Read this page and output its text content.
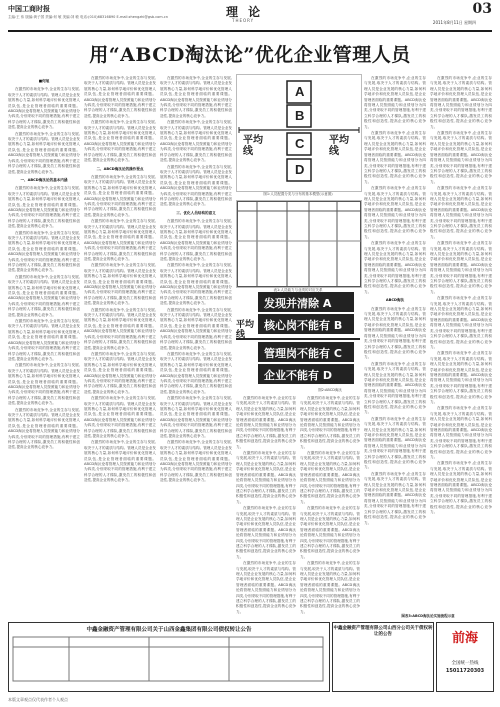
中国工商时报
主编:王 伟 版编:黄子国 责编:何 敏 美编:刘 敏 电话:(010)68316890 E-mail:zhengzhi@gsb.com.cn	理 论
THEORY
03
2011年8月11日 星期四
用“ABCD淘汰论”优化企业管理人员

■何旭

在激烈的市场竞争中,企业的生存与发展,取决于人才的素质与结构。管理人员是企业发展的核心力量,如何科学地评价和优化管理人员队伍,是企业管理者面临的重要课题。ABCD淘汰论将管理人员按照能力和业绩划分为四类,分别采取不同的管理措施,有利于建立科学合理的人才梯队,激发员工的积极性和创造性,提高企业的核心竞争力。

在激烈的市场竞争中,企业的生存与发展,取决于人才的素质与结构。管理人员是企业发展的核心力量,如何科学地评价和优化管理人员队伍,是企业管理者面临的重要课题。ABCD淘汰论将管理人员按照能力和业绩划分为四类,分别采取不同的管理措施,有利于建立科学合理的人才梯队,激发员工的积极性和创造性,提高企业的核心竞争力。

一、ABCD淘汰论的基本内涵

在激烈的市场竞争中,企业的生存与发展,取决于人才的素质与结构。管理人员是企业发展的核心力量,如何科学地评价和优化管理人员队伍,是企业管理者面临的重要课题。ABCD淘汰论将管理人员按照能力和业绩划分为四类,分别采取不同的管理措施,有利于建立科学合理的人才梯队,激发员工的积极性和创造性,提高企业的核心竞争力。

在激烈的市场竞争中,企业的生存与发展,取决于人才的素质与结构。管理人员是企业发展的核心力量,如何科学地评价和优化管理人员队伍,是企业管理者面临的重要课题。ABCD淘汰论将管理人员按照能力和业绩划分为四类,分别采取不同的管理措施,有利于建立科学合理的人才梯队,激发员工的积极性和创造性,提高企业的核心竞争力。

在激烈的市场竞争中,企业的生存与发展,取决于人才的素质与结构。管理人员是企业发展的核心力量,如何科学地评价和优化管理人员队伍,是企业管理者面临的重要课题。ABCD淘汰论将管理人员按照能力和业绩划分为四类,分别采取不同的管理措施,有利于建立科学合理的人才梯队,激发员工的积极性和创造性,提高企业的核心竞争力。

在激烈的市场竞争中,企业的生存与发展,取决于人才的素质与结构。管理人员是企业发展的核心力量,如何科学地评价和优化管理人员队伍,是企业管理者面临的重要课题。ABCD淘汰论将管理人员按照能力和业绩划分为四类,分别采取不同的管理措施,有利于建立科学合理的人才梯队,激发员工的积极性和创造性,提高企业的核心竞争力。

在激烈的市场竞争中,企业的生存与发展,取决于人才的素质与结构。管理人员是企业发展的核心力量,如何科学地评价和优化管理人员队伍,是企业管理者面临的重要课题。ABCD淘汰论将管理人员按照能力和业绩划分为四类,分别采取不同的管理措施,有利于建立科学合理的人才梯队,激发员工的积极性和创造性,提高企业的核心竞争力。

在激烈的市场竞争中,企业的生存与发展,取决于人才的素质与结构。管理人员是企业发展的核心力量,如何科学地评价和优化管理人员队伍,是企业管理者面临的重要课题。ABCD淘汰论将管理人员按照能力和业绩划分为四类,分别采取不同的管理措施,有利于建立科学合理的人才梯队,激发员工的积极性和创造性,提高企业的核心竞争力。

在激烈的市场竞争中,企业的生存与发展,取决于人才的素质与结构。管理人员是企业发展的核心力量,如何科学地评价和优化管理人员队伍,是企业管理者面临的重要课题。ABCD淘汰论将管理人员按照能力和业绩划分为四类,分别采取不同的管理措施,有利于建立科学合理的人才梯队,激发员工的积极性和创造性,提高企业的核心竞争力。

在激烈的市场竞争中,企业的生存与发展,取决于人才的素质与结构。管理人员是企业发展的核心力量,如何科学地评价和优化管理人员队伍,是企业管理者面临的重要课题。ABCD淘汰论将管理人员按照能力和业绩划分为四类,分别采取不同的管理措施,有利于建立科学合理的人才梯队,激发员工的积极性和创造性,提高企业的核心竞争力。

二、ABCD淘汰论的操作要点

在激烈的市场竞争中,企业的生存与发展,取决于人才的素质与结构。管理人员是企业发展的核心力量,如何科学地评价和优化管理人员队伍,是企业管理者面临的重要课题。ABCD淘汰论将管理人员按照能力和业绩划分为四类,分别采取不同的管理措施,有利于建立科学合理的人才梯队,激发员工的积极性和创造性,提高企业的核心竞争力。

在激烈的市场竞争中,企业的生存与发展,取决于人才的素质与结构。管理人员是企业发展的核心力量,如何科学地评价和优化管理人员队伍,是企业管理者面临的重要课题。ABCD淘汰论将管理人员按照能力和业绩划分为四类,分别采取不同的管理措施,有利于建立科学合理的人才梯队,激发员工的积极性和创造性,提高企业的核心竞争力。

在激烈的市场竞争中,企业的生存与发展,取决于人才的素质与结构。管理人员是企业发展的核心力量,如何科学地评价和优化管理人员队伍,是企业管理者面临的重要课题。ABCD淘汰论将管理人员按照能力和业绩划分为四类,分别采取不同的管理措施,有利于建立科学合理的人才梯队,激发员工的积极性和创造性,提高企业的核心竞争力。

在激烈的市场竞争中,企业的生存与发展,取决于人才的素质与结构。管理人员是企业发展的核心力量,如何科学地评价和优化管理人员队伍,是企业管理者面临的重要课题。ABCD淘汰论将管理人员按照能力和业绩划分为四类,分别采取不同的管理措施,有利于建立科学合理的人才梯队,激发员工的积极性和创造性,提高企业的核心竞争力。

在激烈的市场竞争中,企业的生存与发展,取决于人才的素质与结构。管理人员是企业发展的核心力量,如何科学地评价和优化管理人员队伍,是企业管理者面临的重要课题。ABCD淘汰论将管理人员按照能力和业绩划分为四类,分别采取不同的管理措施,有利于建立科学合理的人才梯队,激发员工的积极性和创造性,提高企业的核心竞争力。

在激烈的市场竞争中,企业的生存与发展,取决于人才的素质与结构。管理人员是企业发展的核心力量,如何科学地评价和优化管理人员队伍,是企业管理者面临的重要课题。ABCD淘汰论将管理人员按照能力和业绩划分为四类,分别采取不同的管理措施,有利于建立科学合理的人才梯队,激发员工的积极性和创造性,提高企业的核心竞争力。

在激烈的市场竞争中,企业的生存与发展,取决于人才的素质与结构。管理人员是企业发展的核心力量,如何科学地评价和优化管理人员队伍,是企业管理者面临的重要课题。ABCD淘汰论将管理人员按照能力和业绩划分为四类,分别采取不同的管理措施,有利于建立科学合理的人才梯队,激发员工的积极性和创造性,提高企业的核心竞争力。

在激烈的市场竞争中,企业的生存与发展,取决于人才的素质与结构。管理人员是企业发展的核心力量,如何科学地评价和优化管理人员队伍,是企业管理者面临的重要课题。ABCD淘汰论将管理人员按照能力和业绩划分为四类,分别采取不同的管理措施,有利于建立科学合理的人才梯队,激发员工的积极性和创造性,提高企业的核心竞争力。

在激烈的市场竞争中,企业的生存与发展,取决于人才的素质与结构。管理人员是企业发展的核心力量,如何科学地评价和优化管理人员队伍,是企业管理者面临的重要课题。ABCD淘汰论将管理人员按照能力和业绩划分为四类,分别采取不同的管理措施,有利于建立科学合理的人才梯队,激发员工的积极性和创造性,提高企业的核心竞争力。

在激烈的市场竞争中,企业的生存与发展,取决于人才的素质与结构。管理人员是企业发展的核心力量,如何科学地评价和优化管理人员队伍,是企业管理者面临的重要课题。ABCD淘汰论将管理人员按照能力和业绩划分为四类,分别采取不同的管理措施,有利于建立科学合理的人才梯队,激发员工的积极性和创造性,提高企业的核心竞争力。

三、优化人员结构的意义

在激烈的市场竞争中,企业的生存与发展,取决于人才的素质与结构。管理人员是企业发展的核心力量,如何科学地评价和优化管理人员队伍,是企业管理者面临的重要课题。ABCD淘汰论将管理人员按照能力和业绩划分为四类,分别采取不同的管理措施,有利于建立科学合理的人才梯队,激发员工的积极性和创造性,提高企业的核心竞争力。

在激烈的市场竞争中,企业的生存与发展,取决于人才的素质与结构。管理人员是企业发展的核心力量,如何科学地评价和优化管理人员队伍,是企业管理者面临的重要课题。ABCD淘汰论将管理人员按照能力和业绩划分为四类,分别采取不同的管理措施,有利于建立科学合理的人才梯队,激发员工的积极性和创造性,提高企业的核心竞争力。

在激烈的市场竞争中,企业的生存与发展,取决于人才的素质与结构。管理人员是企业发展的核心力量,如何科学地评价和优化管理人员队伍,是企业管理者面临的重要课题。ABCD淘汰论将管理人员按照能力和业绩划分为四类,分别采取不同的管理措施,有利于建立科学合理的人才梯队,激发员工的积极性和创造性,提高企业的核心竞争力。

在激烈的市场竞争中,企业的生存与发展,取决于人才的素质与结构。管理人员是企业发展的核心力量,如何科学地评价和优化管理人员队伍,是企业管理者面临的重要课题。ABCD淘汰论将管理人员按照能力和业绩划分为四类,分别采取不同的管理措施,有利于建立科学合理的人才梯队,激发员工的积极性和创造性,提高企业的核心竞争力。

在激烈的市场竞争中,企业的生存与发展,取决于人才的素质与结构。管理人员是企业发展的核心力量,如何科学地评价和优化管理人员队伍,是企业管理者面临的重要课题。ABCD淘汰论将管理人员按照能力和业绩划分为四类,分别采取不同的管理措施,有利于建立科学合理的人才梯队,激发员工的积极性和创造性,提高企业的核心竞争力。

在激烈的市场竞争中,企业的生存与发展,取决于人才的素质与结构。管理人员是企业发展的核心力量,如何科学地评价和优化管理人员队伍,是企业管理者面临的重要课题。ABCD淘汰论将管理人员按照能力和业绩划分为四类,分别采取不同的管理措施,有利于建立科学合理的人才梯队,激发员工的积极性和创造性,提高企业的核心竞争力。

A
B
C
D
平均线
平均线
图1:人员配置分类与分布的基本模型(示意图)
表1:人员能力与业绩的对应关系
发现并清除 A
核心岗不能有 B
管理岗不能有 C
企业不能有 D
平均线
图2:ABCD淘汰

在激烈的市场竞争中,企业的生存与发展,取决于人才的素质与结构。管理人员是企业发展的核心力量,如何科学地评价和优化管理人员队伍,是企业管理者面临的重要课题。ABCD淘汰论将管理人员按照能力和业绩划分为四类,分别采取不同的管理措施,有利于建立科学合理的人才梯队,激发员工的积极性和创造性,提高企业的核心竞争力。

在激烈的市场竞争中,企业的生存与发展,取决于人才的素质与结构。管理人员是企业发展的核心力量,如何科学地评价和优化管理人员队伍,是企业管理者面临的重要课题。ABCD淘汰论将管理人员按照能力和业绩划分为四类,分别采取不同的管理措施,有利于建立科学合理的人才梯队,激发员工的积极性和创造性,提高企业的核心竞争力。

在激烈的市场竞争中,企业的生存与发展,取决于人才的素质与结构。管理人员是企业发展的核心力量,如何科学地评价和优化管理人员队伍,是企业管理者面临的重要课题。ABCD淘汰论将管理人员按照能力和业绩划分为四类,分别采取不同的管理措施,有利于建立科学合理的人才梯队,激发员工的积极性和创造性,提高企业的核心竞争力。

在激烈的市场竞争中,企业的生存与发展,取决于人才的素质与结构。管理人员是企业发展的核心力量,如何科学地评价和优化管理人员队伍,是企业管理者面临的重要课题。ABCD淘汰论将管理人员按照能力和业绩划分为四类,分别采取不同的管理措施,有利于建立科学合理的人才梯队,激发员工的积极性和创造性,提高企业的核心竞争力。

在激烈的市场竞争中,企业的生存与发展,取决于人才的素质与结构。管理人员是企业发展的核心力量,如何科学地评价和优化管理人员队伍,是企业管理者面临的重要课题。ABCD淘汰论将管理人员按照能力和业绩划分为四类,分别采取不同的管理措施,有利于建立科学合理的人才梯队,激发员工的积极性和创造性,提高企业的核心竞争力。

在激烈的市场竞争中,企业的生存与发展,取决于人才的素质与结构。管理人员是企业发展的核心力量,如何科学地评价和优化管理人员队伍,是企业管理者面临的重要课题。ABCD淘汰论将管理人员按照能力和业绩划分为四类,分别采取不同的管理措施,有利于建立科学合理的人才梯队,激发员工的积极性和创造性,提高企业的核心竞争力。

在激烈的市场竞争中,企业的生存与发展,取决于人才的素质与结构。管理人员是企业发展的核心力量,如何科学地评价和优化管理人员队伍,是企业管理者面临的重要课题。ABCD淘汰论将管理人员按照能力和业绩划分为四类,分别采取不同的管理措施,有利于建立科学合理的人才梯队,激发员工的积极性和创造性,提高企业的核心竞争力。

在激烈的市场竞争中,企业的生存与发展,取决于人才的素质与结构。管理人员是企业发展的核心力量,如何科学地评价和优化管理人员队伍,是企业管理者面临的重要课题。ABCD淘汰论将管理人员按照能力和业绩划分为四类,分别采取不同的管理措施,有利于建立科学合理的人才梯队,激发员工的积极性和创造性,提高企业的核心竞争力。

在激烈的市场竞争中,企业的生存与发展,取决于人才的素质与结构。管理人员是企业发展的核心力量,如何科学地评价和优化管理人员队伍,是企业管理者面临的重要课题。ABCD淘汰论将管理人员按照能力和业绩划分为四类,分别采取不同的管理措施,有利于建立科学合理的人才梯队,激发员工的积极性和创造性,提高企业的核心竞争力。

在激烈的市场竞争中,企业的生存与发展,取决于人才的素质与结构。管理人员是企业发展的核心力量,如何科学地评价和优化管理人员队伍,是企业管理者面临的重要课题。ABCD淘汰论将管理人员按照能力和业绩划分为四类,分别采取不同的管理措施,有利于建立科学合理的人才梯队,激发员工的积极性和创造性,提高企业的核心竞争力。

在激烈的市场竞争中,企业的生存与发展,取决于人才的素质与结构。管理人员是企业发展的核心力量,如何科学地评价和优化管理人员队伍,是企业管理者面临的重要课题。ABCD淘汰论将管理人员按照能力和业绩划分为四类,分别采取不同的管理措施,有利于建立科学合理的人才梯队,激发员工的积极性和创造性,提高企业的核心竞争力。

在激烈的市场竞争中,企业的生存与发展,取决于人才的素质与结构。管理人员是企业发展的核心力量,如何科学地评价和优化管理人员队伍,是企业管理者面临的重要课题。ABCD淘汰论将管理人员按照能力和业绩划分为四类,分别采取不同的管理措施,有利于建立科学合理的人才梯队,激发员工的积极性和创造性,提高企业的核心竞争力。

ABCD淘汰

在激烈的市场竞争中,企业的生存与发展,取决于人才的素质与结构。管理人员是企业发展的核心力量,如何科学地评价和优化管理人员队伍,是企业管理者面临的重要课题。ABCD淘汰论将管理人员按照能力和业绩划分为四类,分别采取不同的管理措施,有利于建立科学合理的人才梯队,激发员工的积极性和创造性,提高企业的核心竞争力。

在激烈的市场竞争中,企业的生存与发展,取决于人才的素质与结构。管理人员是企业发展的核心力量,如何科学地评价和优化管理人员队伍,是企业管理者面临的重要课题。ABCD淘汰论将管理人员按照能力和业绩划分为四类,分别采取不同的管理措施,有利于建立科学合理的人才梯队,激发员工的积极性和创造性,提高企业的核心竞争力。

在激烈的市场竞争中,企业的生存与发展,取决于人才的素质与结构。管理人员是企业发展的核心力量,如何科学地评价和优化管理人员队伍,是企业管理者面临的重要课题。ABCD淘汰论将管理人员按照能力和业绩划分为四类,分别采取不同的管理措施,有利于建立科学合理的人才梯队,激发员工的积极性和创造性,提高企业的核心竞争力。

在激烈的市场竞争中,企业的生存与发展,取决于人才的素质与结构。管理人员是企业发展的核心力量,如何科学地评价和优化管理人员队伍,是企业管理者面临的重要课题。ABCD淘汰论将管理人员按照能力和业绩划分为四类,分别采取不同的管理措施,有利于建立科学合理的人才梯队,激发员工的积极性和创造性,提高企业的核心竞争力。

在激烈的市场竞争中,企业的生存与发展,取决于人才的素质与结构。管理人员是企业发展的核心力量,如何科学地评价和优化管理人员队伍,是企业管理者面临的重要课题。ABCD淘汰论将管理人员按照能力和业绩划分为四类,分别采取不同的管理措施,有利于建立科学合理的人才梯队,激发员工的积极性和创造性,提高企业的核心竞争力。

在激烈的市场竞争中,企业的生存与发展,取决于人才的素质与结构。管理人员是企业发展的核心力量,如何科学地评价和优化管理人员队伍,是企业管理者面临的重要课题。ABCD淘汰论将管理人员按照能力和业绩划分为四类,分别采取不同的管理措施,有利于建立科学合理的人才梯队,激发员工的积极性和创造性,提高企业的核心竞争力。

在激烈的市场竞争中,企业的生存与发展,取决于人才的素质与结构。管理人员是企业发展的核心力量,如何科学地评价和优化管理人员队伍,是企业管理者面临的重要课题。ABCD淘汰论将管理人员按照能力和业绩划分为四类,分别采取不同的管理措施,有利于建立科学合理的人才梯队,激发员工的积极性和创造性,提高企业的核心竞争力。

在激烈的市场竞争中,企业的生存与发展,取决于人才的素质与结构。管理人员是企业发展的核心力量,如何科学地评价和优化管理人员队伍,是企业管理者面临的重要课题。ABCD淘汰论将管理人员按照能力和业绩划分为四类,分别采取不同的管理措施,有利于建立科学合理的人才梯队,激发员工的积极性和创造性,提高企业的核心竞争力。

在激烈的市场竞争中,企业的生存与发展,取决于人才的素质与结构。管理人员是企业发展的核心力量,如何科学地评价和优化管理人员队伍,是企业管理者面临的重要课题。ABCD淘汰论将管理人员按照能力和业绩划分为四类,分别采取不同的管理措施,有利于建立科学合理的人才梯队,激发员工的积极性和创造性,提高企业的核心竞争力。

在激烈的市场竞争中,企业的生存与发展,取决于人才的素质与结构。管理人员是企业发展的核心力量,如何科学地评价和优化管理人员队伍,是企业管理者面临的重要课题。ABCD淘汰论将管理人员按照能力和业绩划分为四类,分别采取不同的管理措施,有利于建立科学合理的人才梯队,激发员工的积极性和创造性,提高企业的核心竞争力。

在激烈的市场竞争中,企业的生存与发展,取决于人才的素质与结构。管理人员是企业发展的核心力量,如何科学地评价和优化管理人员队伍,是企业管理者面临的重要课题。ABCD淘汰论将管理人员按照能力和业绩划分为四类,分别采取不同的管理措施,有利于建立科学合理的人才梯队,激发员工的积极性和创造性,提高企业的核心竞争力。

在激烈的市场竞争中,企业的生存与发展,取决于人才的素质与结构。管理人员是企业发展的核心力量,如何科学地评价和优化管理人员队伍,是企业管理者面临的重要课题。ABCD淘汰论将管理人员按照能力和业绩划分为四类,分别采取不同的管理措施,有利于建立科学合理的人才梯队,激发员工的积极性和创造性,提高企业的核心竞争力。

图表3:ABCD淘汰论实施流程示意
中鑫金融资产管理有限公司关于山西金鑫集团有限公司债权转让公告	中鑫金融资产管理有限公司山西分公司关于债权转让的公告	前海
全国统一热线
15011720303
本版文章观点仅代表作者个人观点
